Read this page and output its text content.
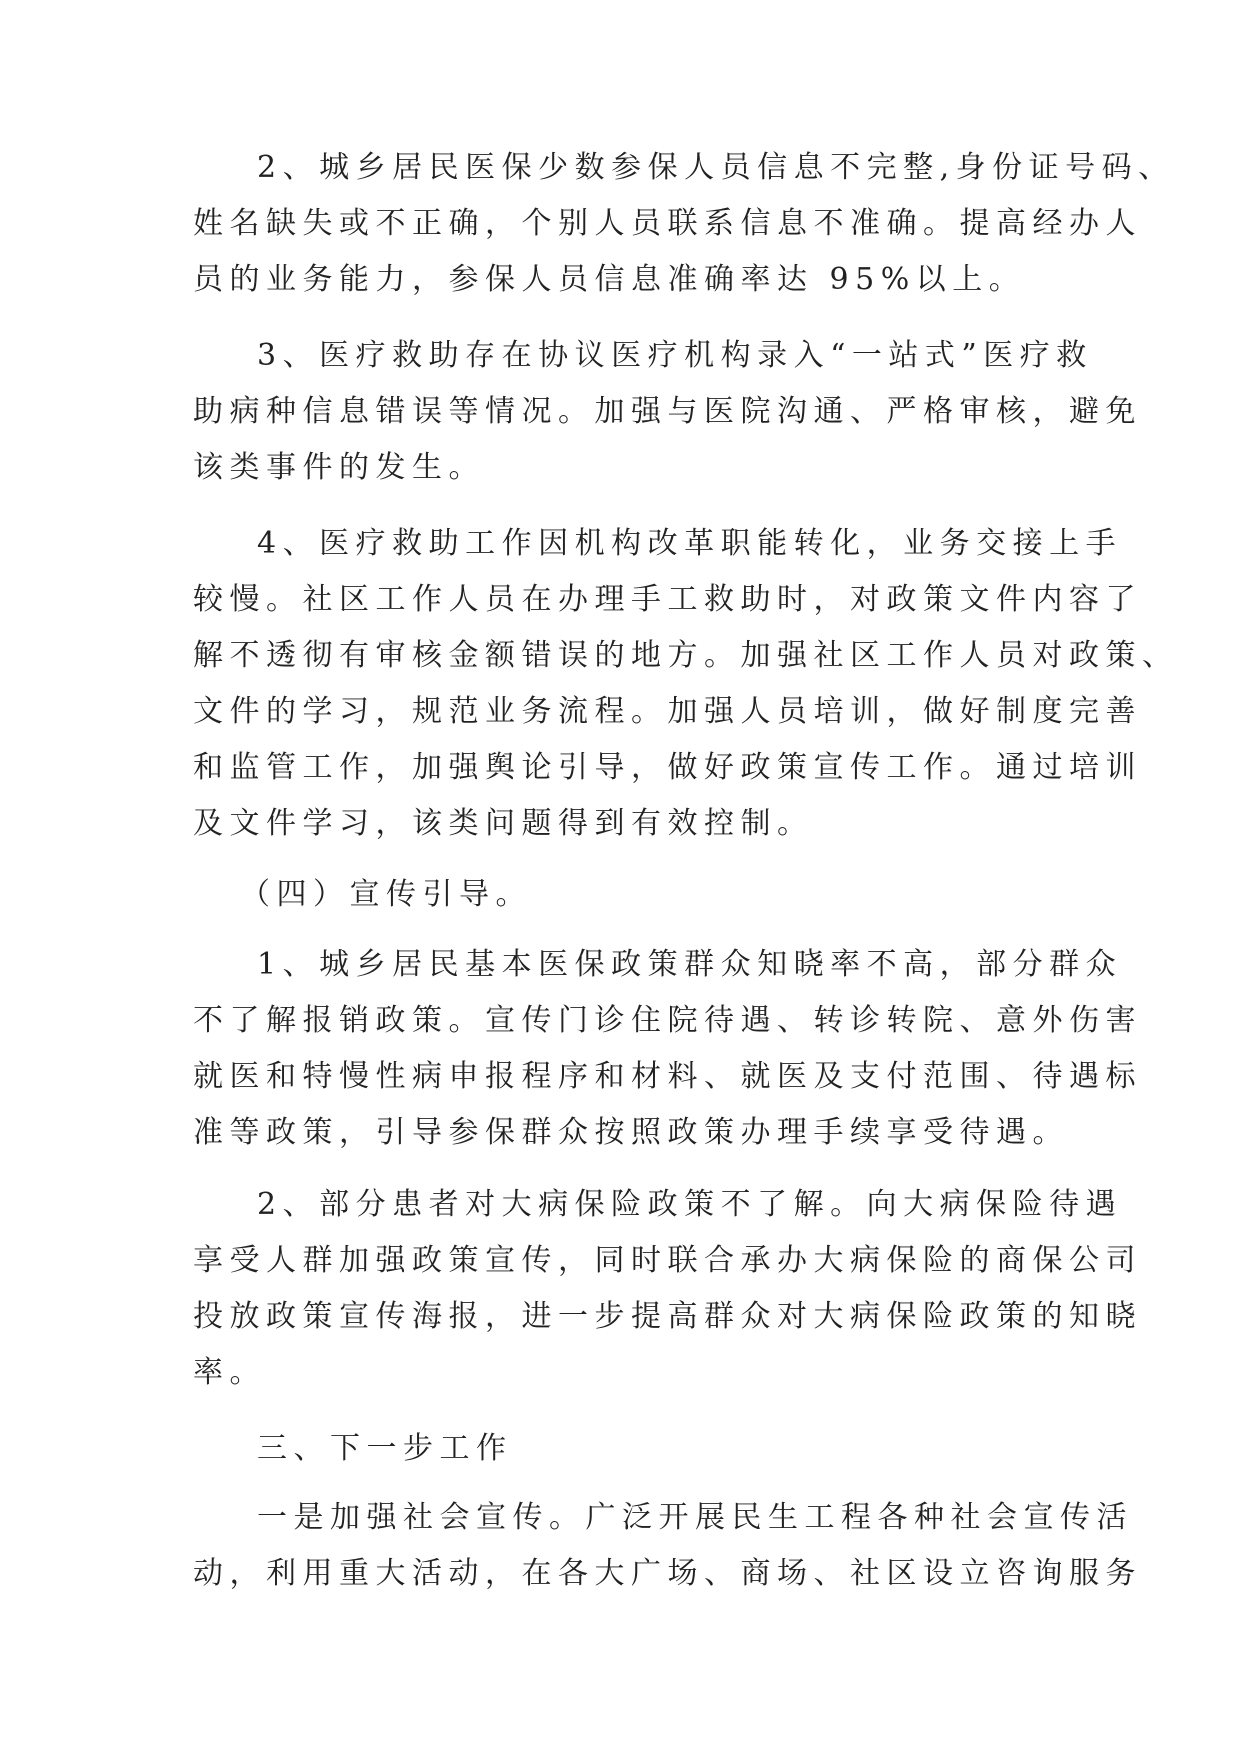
2、城乡居民医保少数参保人员信息不完整,身份证号码、
姓名缺失或不正确，个别人员联系信息不准确。提高经办人
员的业务能力，参保人员信息准确率达 95%以上。
3、医疗救助存在协议医疗机构录入“一站式”医疗救
助病种信息错误等情况。加强与医院沟通、严格审核，避免
该类事件的发生。
4、医疗救助工作因机构改革职能转化，业务交接上手
较慢。社区工作人员在办理手工救助时，对政策文件内容了
解不透彻有审核金额错误的地方。加强社区工作人员对政策、
文件的学习，规范业务流程。加强人员培训，做好制度完善
和监管工作，加强舆论引导，做好政策宣传工作。通过培训
及文件学习，该类问题得到有效控制。
（四）宣传引导。
1、城乡居民基本医保政策群众知晓率不高，部分群众
不了解报销政策。宣传门诊住院待遇、转诊转院、意外伤害
就医和特慢性病申报程序和材料、就医及支付范围、待遇标
准等政策，引导参保群众按照政策办理手续享受待遇。
2、部分患者对大病保险政策不了解。向大病保险待遇
享受人群加强政策宣传，同时联合承办大病保险的商保公司
投放政策宣传海报，进一步提高群众对大病保险政策的知晓
率。
三、下一步工作
一是加强社会宣传。广泛开展民生工程各种社会宣传活
动，利用重大活动，在各大广场、商场、社区设立咨询服务
